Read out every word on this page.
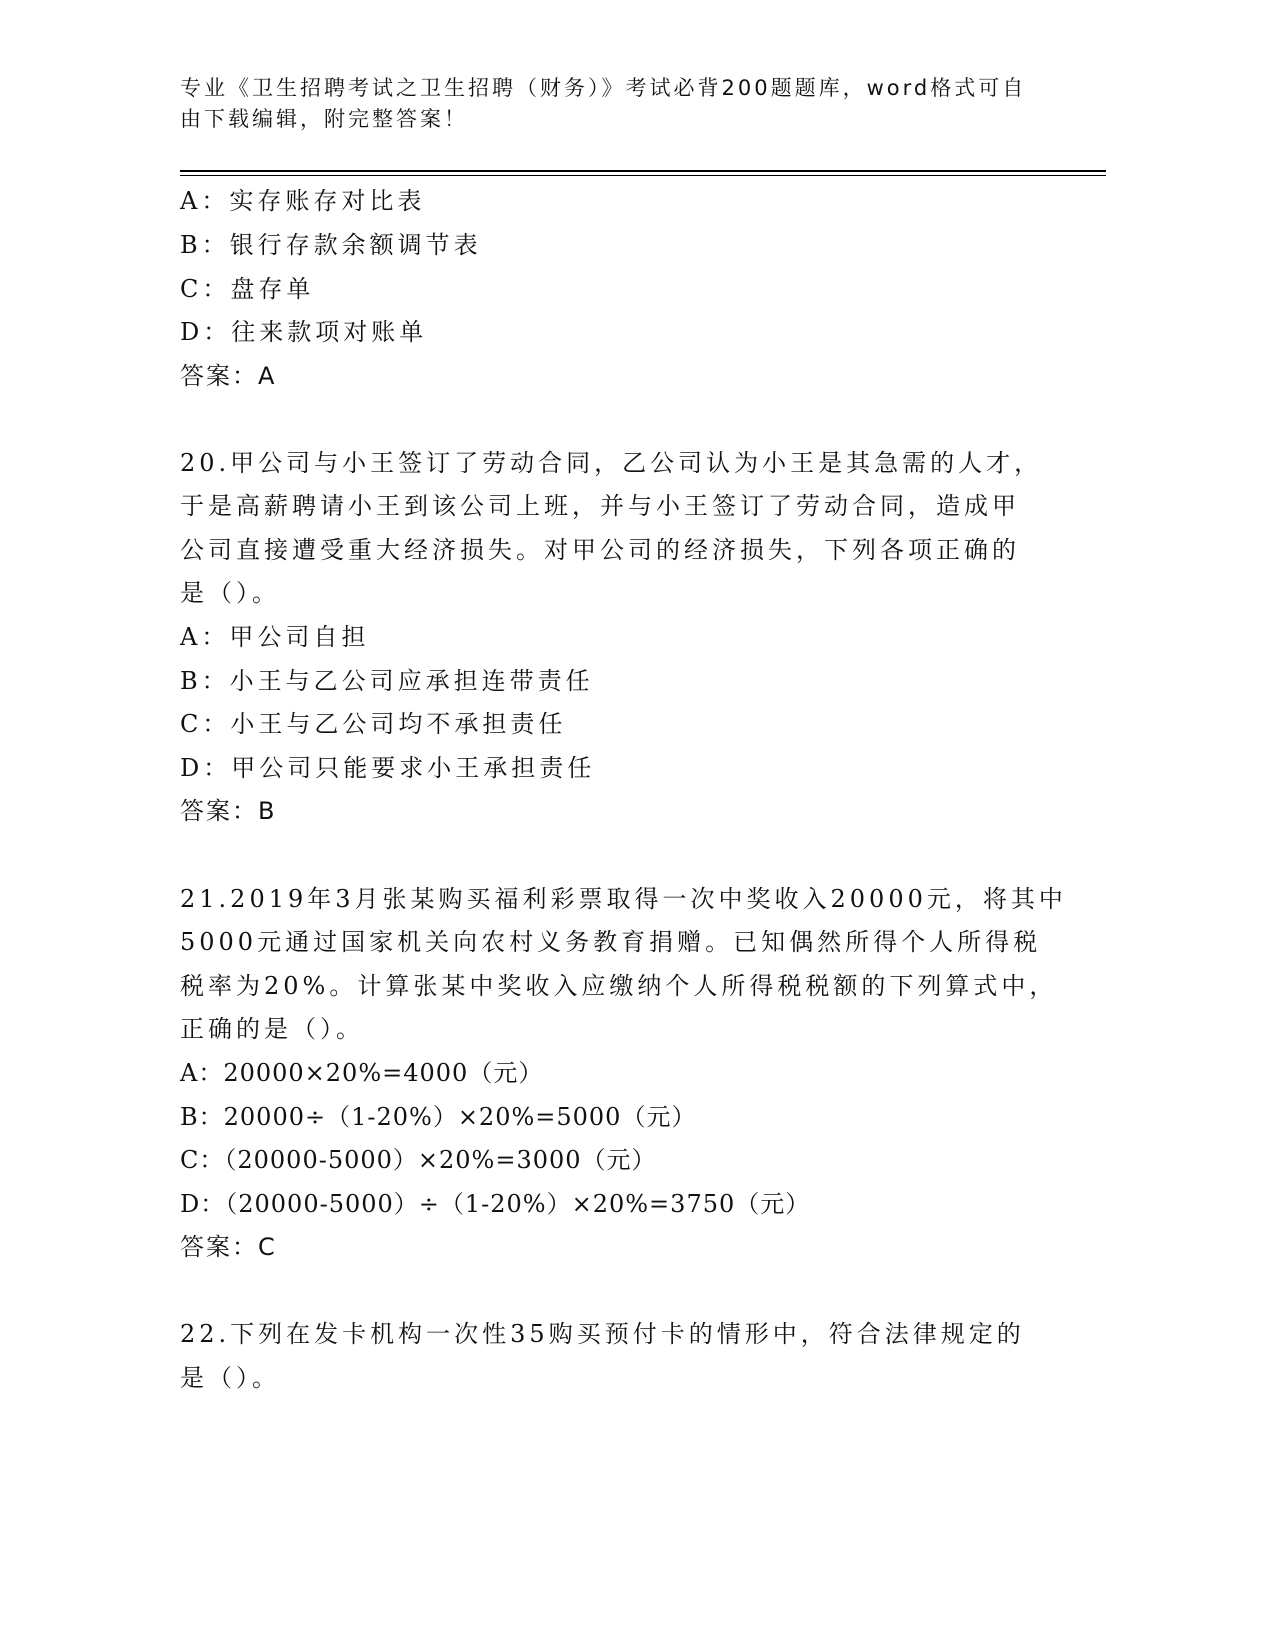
专业《卫生招聘考试之卫生招聘（财务）》考试必背200题题库，word格式可自
由下载编辑，附完整答案！
A：实存账存对比表
B：银行存款余额调节表
C：盘存单
D：往来款项对账单
答案：A
20.甲公司与小王签订了劳动合同，乙公司认为小王是其急需的人才，
于是高薪聘请小王到该公司上班，并与小王签订了劳动合同，造成甲
公司直接遭受重大经济损失。对甲公司的经济损失，下列各项正确的
是（）。
A：甲公司自担
B：小王与乙公司应承担连带责任
C：小王与乙公司均不承担责任
D：甲公司只能要求小王承担责任
答案：B
21.2019年3月张某购买福利彩票取得一次中奖收入20000元，将其中
5000元通过国家机关向农村义务教育捐赠。已知偶然所得个人所得税
税率为20%。计算张某中奖收入应缴纳个人所得税税额的下列算式中，
正确的是（）。
A：20000×20%=4000（元）
B：20000÷（1-20%）×20%=5000（元）
C：（20000-5000）×20%=3000（元）
D：（20000-5000）÷（1-20%）×20%=3750（元）
答案：C
22.下列在发卡机构一次性35购买预付卡的情形中，符合法律规定的
是（）。
